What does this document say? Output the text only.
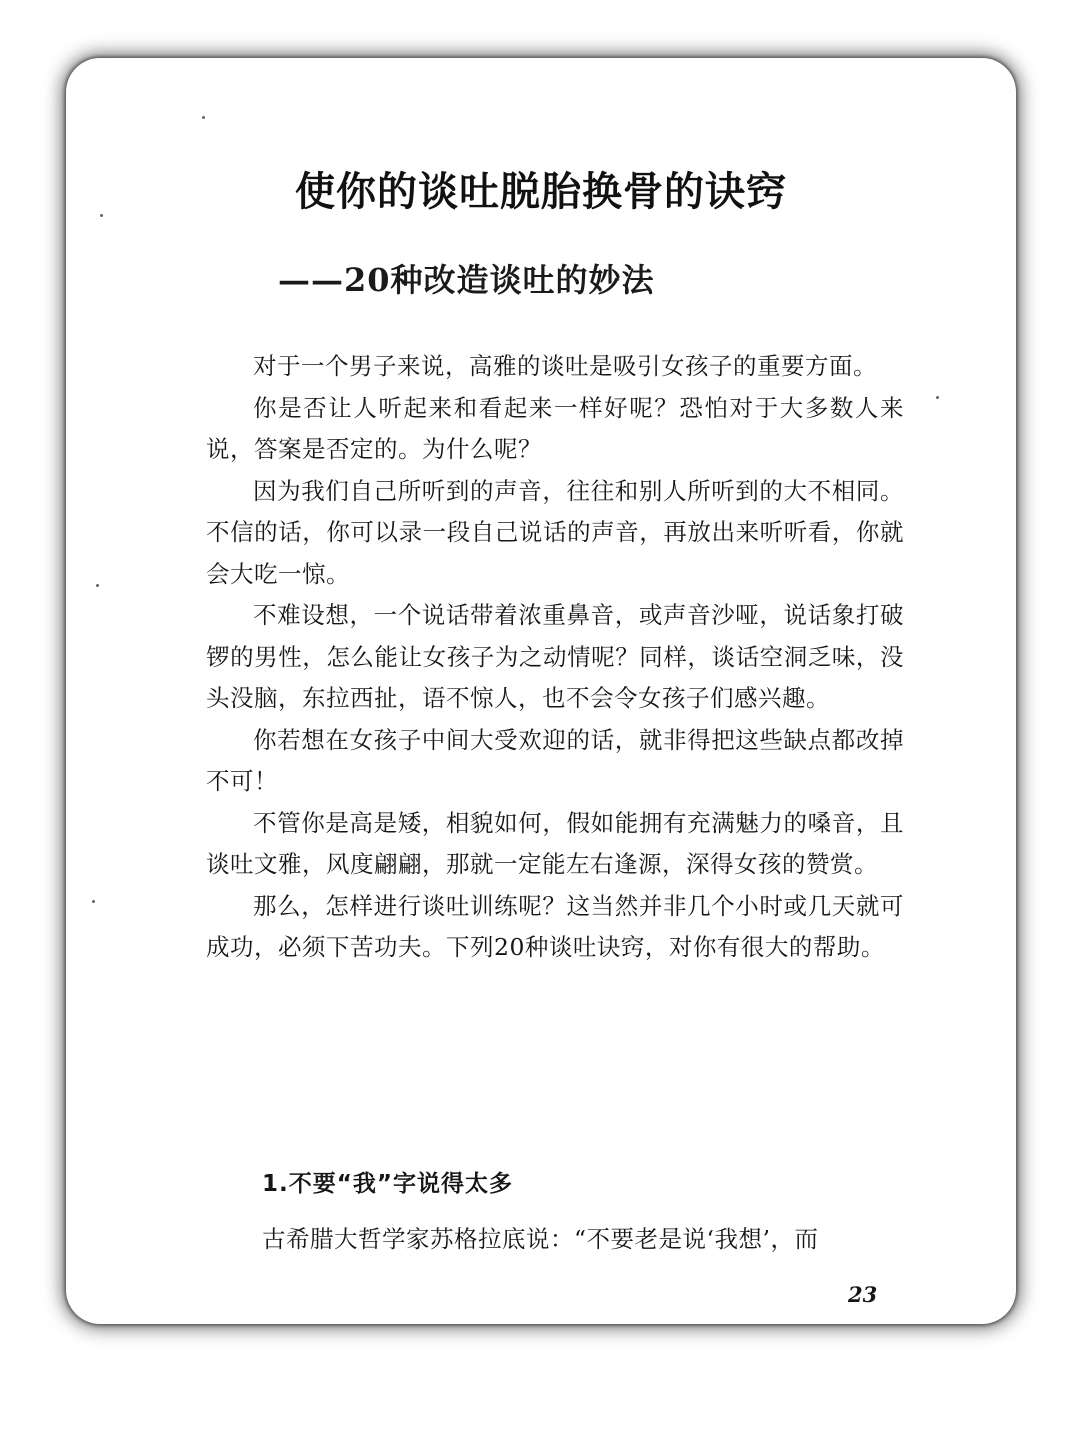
使你的谈吐脱胎换骨的诀窍
——20种改造谈吐的妙法

对于一个男子来说，高雅的谈吐是吸引女孩子的重要方面。

你是否让人听起来和看起来一样好呢？恐怕对于大多数人来说，答案是否定的。为什么呢？

因为我们自己所听到的声音，往往和别人所听到的大不相同。不信的话，你可以录一段自己说话的声音，再放出来听听看，你就会大吃一惊。

不难设想，一个说话带着浓重鼻音，或声音沙哑，说话象打破锣的男性，怎么能让女孩子为之动情呢？同样，谈话空洞乏味，没头没脑，东拉西扯，语不惊人，也不会令女孩子们感兴趣。

你若想在女孩子中间大受欢迎的话，就非得把这些缺点都改掉不可！

不管你是高是矮，相貌如何，假如能拥有充满魅力的嗓音，且谈吐文雅，风度翩翩，那就一定能左右逢源，深得女孩的赞赏。

那么，怎样进行谈吐训练呢？这当然并非几个小时或几天就可成功，必须下苦功夫。下列20种谈吐诀窍，对你有很大的帮助。

1.不要“我”字说得太多

古希腊大哲学家苏格拉底说：“不要老是说‘我想’，而

23
